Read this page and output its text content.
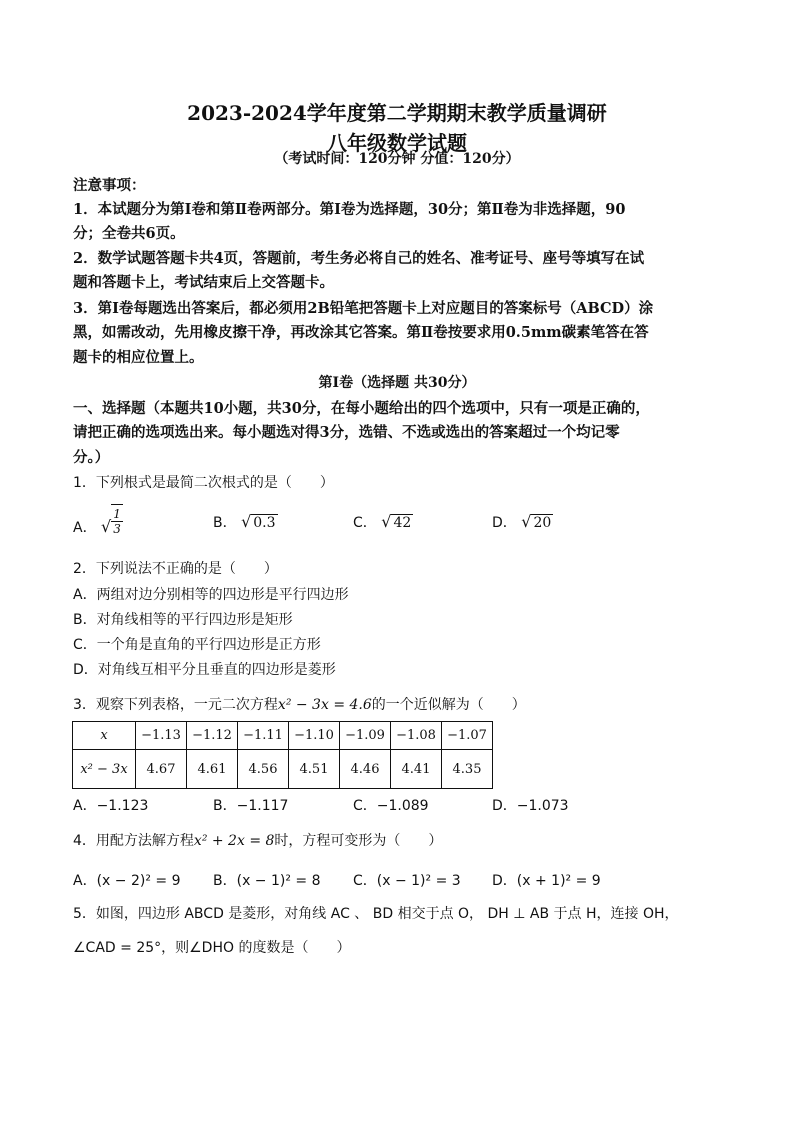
2023-2024学年度第二学期期末教学质量调研
八年级数学试题
（考试时间：120分钟 分值：120分）
注意事项：
1．本试题分为第Ⅰ卷和第Ⅱ卷两部分。第Ⅰ卷为选择题，30分；第Ⅱ卷为非选择题，90
分；全卷共6页。
2．数学试题答题卡共4页，答题前，考生务必将自己的姓名、准考证号、座号等填写在试
题和答题卡上，考试结束后上交答题卡。
3．第Ⅰ卷每题选出答案后，都必须用2B铅笔把答题卡上对应题目的答案标号（ABCD）涂
黑，如需改动，先用橡皮擦干净，再改涂其它答案。第Ⅱ卷按要求用0.5mm碳素笔答在答
题卡的相应位置上。
第Ⅰ卷（选择题 共30分）
一、选择题（本题共10小题，共30分，在每小题给出的四个选项中，只有一项是正确的，
请把正确的选项选出来。每小题选对得3分，选错、不选或选出的答案超过一个均记零
分。）
1．下列根式是最简二次根式的是（　　）
A． √ $\frac{1}{3}$	B． √ 0.3	C． √ 42	D． √ 20
2．下列说法不正确的是（　　）
A．两组对边分别相等的四边形是平行四边形
B．对角线相等的平行四边形是矩形
C．一个角是直角的平行四边形是正方形
D．对角线互相平分且垂直的四边形是菱形
3．观察下列表格，一元二次方程x² − 3x = 4.6的一个近似解为（　　）
x	−1.13	−1.12	−1.11	−1.10	−1.09	−1.08	−1.07
x² − 3x	4.67	4.61	4.56	4.51	4.46	4.41	4.35
A．−1.123	B．−1.117	C．−1.089	D．−1.073
4．用配方法解方程x² + 2x = 8时，方程可变形为（　　）
A．(x − 2)² = 9 B．(x − 1)² = 8 C．(x − 1)² = 3 D．(x + 1)² = 9
5．如图，四边形 ABCD 是菱形，对角线 AC 、 BD 相交于点 O， DH ⊥ AB 于点 H，连接 OH，
∠CAD = 25°，则∠DHO 的度数是（　　）
